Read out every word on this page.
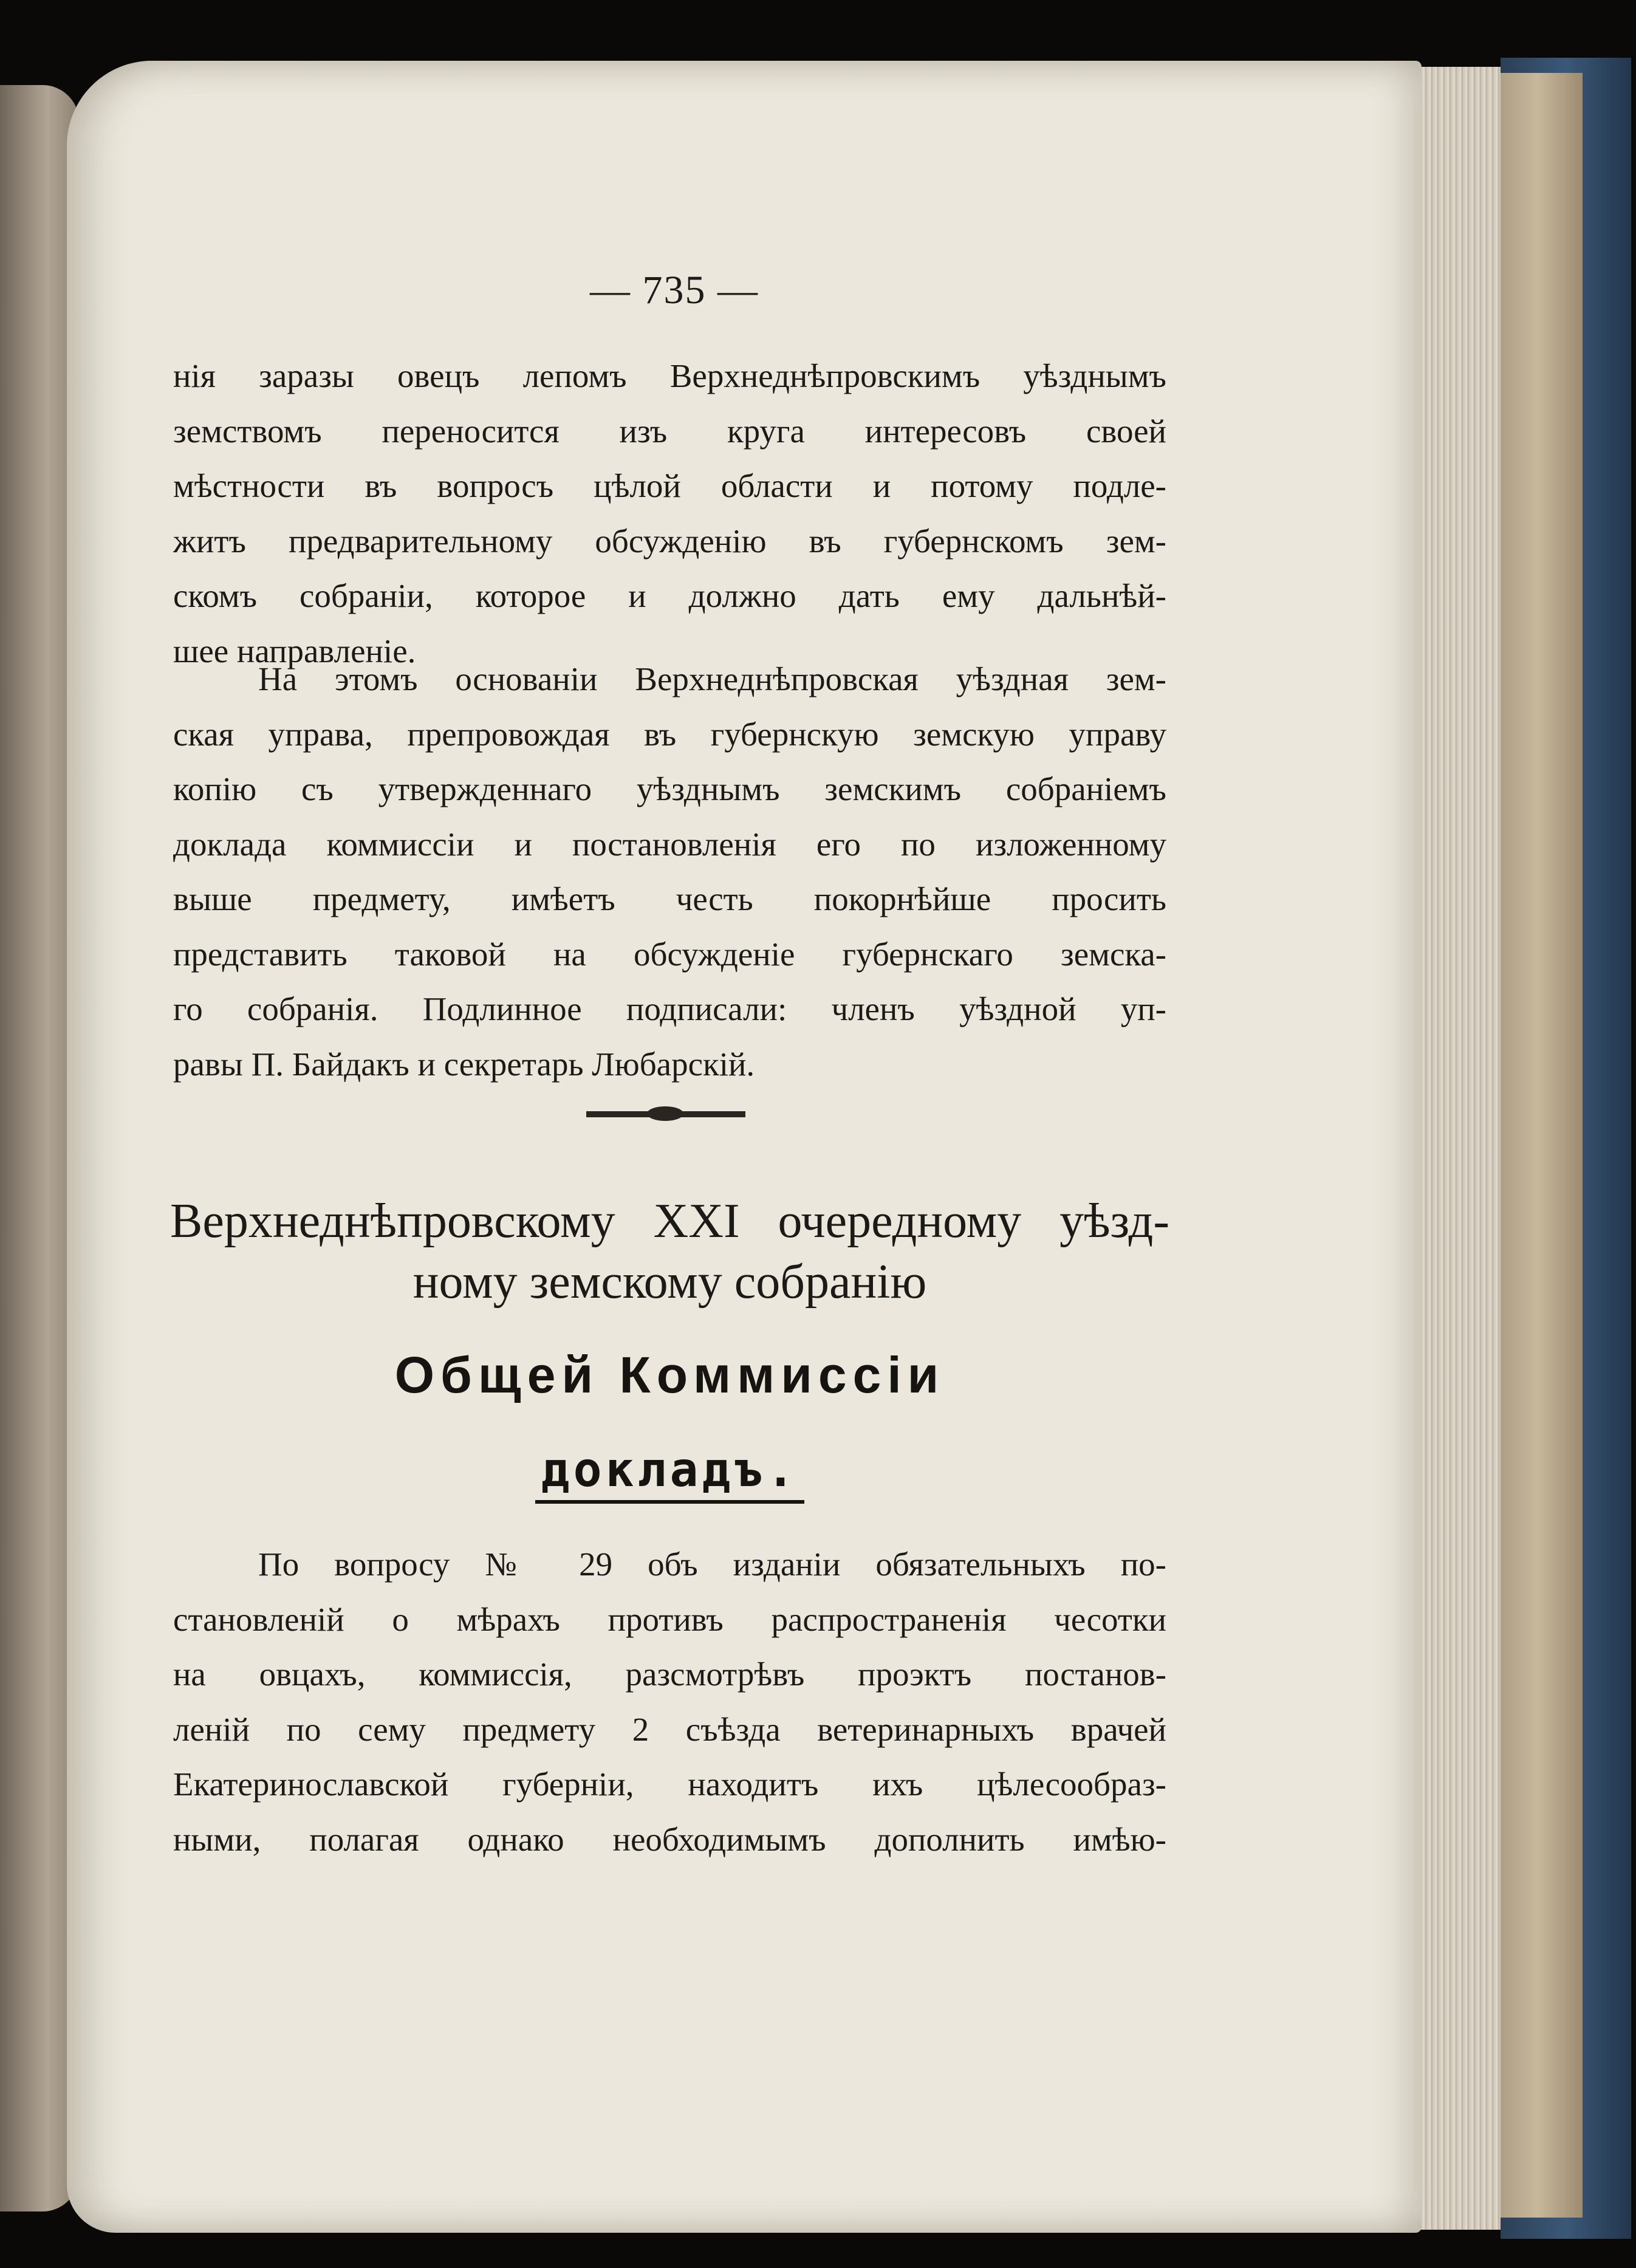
— 735 —
нія заразы овецъ лепомъ Верхнеднѣпровскимъ уѣзднымъ
земствомъ переносится изъ круга интересовъ своей
мѣстности въ вопросъ цѣлой области и потому подле-
житъ предварительному обсужденію въ губернскомъ зем-
скомъ собраніи, которое и должно дать ему дальнѣй-
шее направленіе.
На этомъ основаніи Верхнеднѣпровская уѣздная зем-
ская управа, препровождая въ губернскую земскую управу
копію съ утвержденнаго уѣзднымъ земскимъ собраніемъ
доклада коммиссіи и постановленія его по изложенному
выше предмету, имѣетъ честь покорнѣйше просить
представить таковой на обсужденіе губернскаго земска-
го собранія. Подлинное подписали: членъ уѣздной уп-
равы П. Байдакъ и секретарь Любарскій.
Верхнеднѣпровскому XXI очередному уѣзд-
ному земскому собранію
Общей Коммиссіи
докладъ.
По вопросу № 29 объ изданіи обязательныхъ по-
становленій о мѣрахъ противъ распространенія чесотки
на овцахъ, коммиссія, разсмотрѣвъ проэктъ постанов-
леній по сему предмету 2 съѣзда ветеринарныхъ врачей
Екатеринославской губерніи, находитъ ихъ цѣлесообраз-
ными, полагая однако необходимымъ дополнить имѣю-
